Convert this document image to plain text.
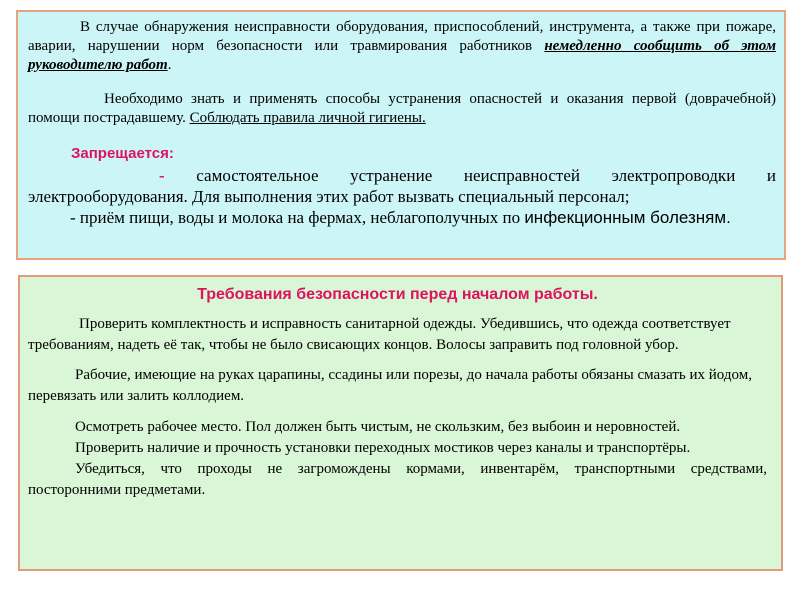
В случае обнаружения неисправности оборудования, приспособлений, инструмента, а также при пожаре, аварии, нарушении норм безопасности или травмирования работников немедленно сообщить об этом руководителю работ.

Необходимо знать и применять способы устранения опасностей и оказания первой (доврачебной) помощи пострадавшему. Соблюдать правила личной гигиены.

Запрещается:

- самостоятельное устранение неисправностей электропроводки и электрооборудования. Для выполнения этих работ вызвать специальный персонал;

- приём пищи, воды и молока на фермах, неблагополучных по инфекционным болезням.

Требования безопасности перед началом работы.

Проверить комплектность и исправность санитарной одежды. Убедившись, что одежда соответствует требованиям, надеть её так, чтобы не было свисающих концов. Волосы заправить под головной убор.

Рабочие, имеющие на руках царапины, ссадины или порезы, до начала работы обязаны смазать их йодом, перевязать или залить коллодием.

Осмотреть рабочее место. Пол должен быть чистым, не скользким, без выбоин и неровностей.

Проверить наличие и прочность установки переходных мостиков через каналы и транспортёры.

Убедиться, что проходы не загромождены кормами, инвентарём, транспортными средствами, посторонними предметами.
